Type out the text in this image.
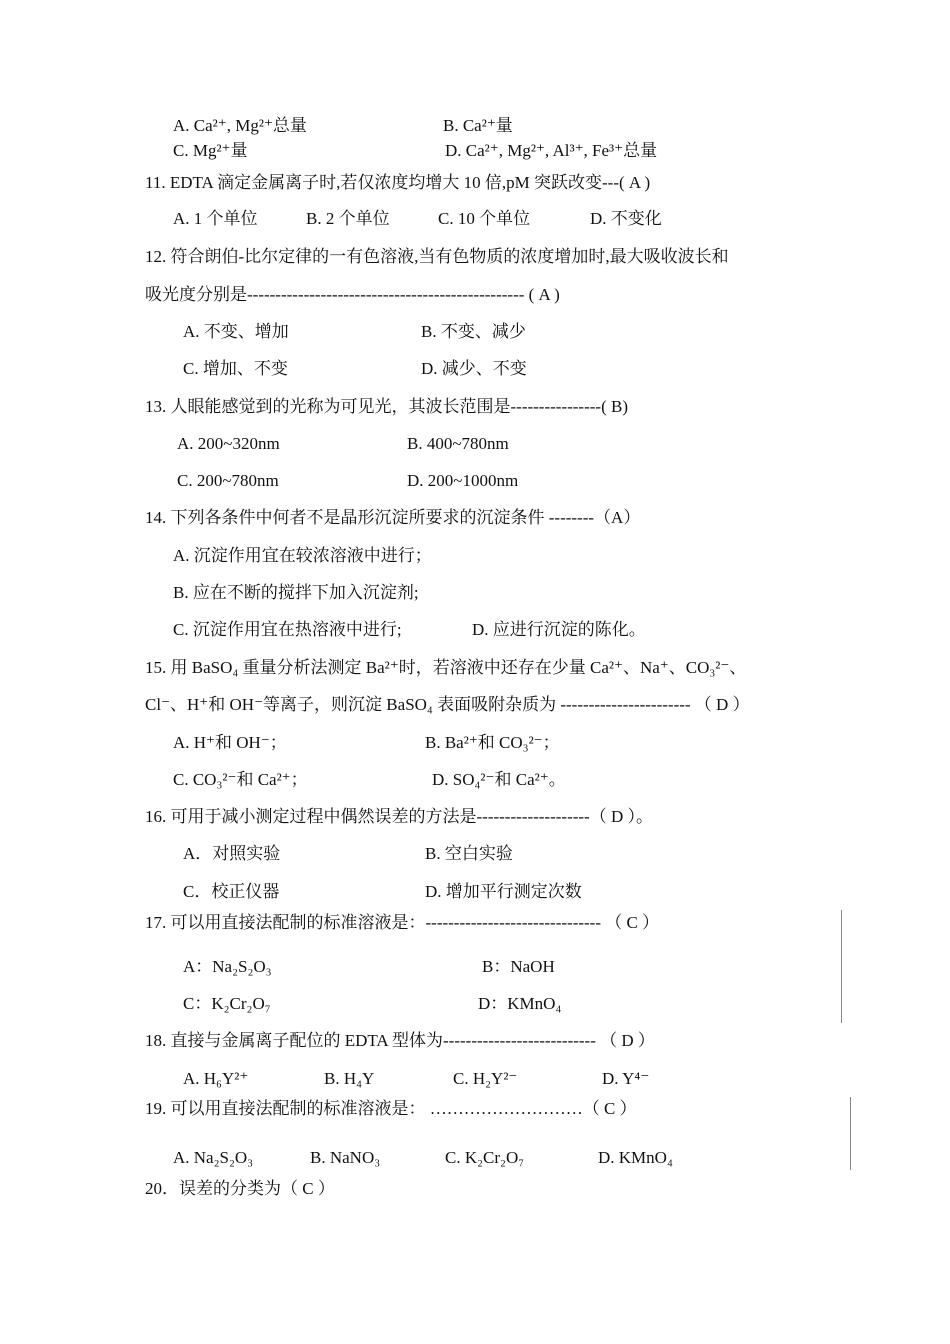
A. Ca²⁺, Mg²⁺总量	B. Ca²⁺量
C. Mg²⁺量	D. Ca²⁺, Mg²⁺, Al³⁺, Fe³⁺总量
11. EDTA 滴定金属离子时,若仅浓度均增大 10 倍,pM 突跃改变---( A )
A. 1 个单位	B. 2 个单位	C. 10 个单位	D. 不变化
12. 符合朗伯-比尔定律的一有色溶液,当有色物质的浓度增加时,最大吸收波长和
吸光度分别是------------------------------------------------- ( A )
A. 不变、增加	B. 不变、减少
C. 增加、不变	D. 减少、不变
13. 人眼能感觉到的光称为可见光，其波长范围是----------------( B)
A. 200~320nm	B. 400~780nm
C. 200~780nm	D. 200~1000nm
14. 下列各条件中何者不是晶形沉淀所要求的沉淀条件 --------（A）
A. 沉淀作用宜在较浓溶液中进行；
B. 应在不断的搅拌下加入沉淀剂;
C. 沉淀作用宜在热溶液中进行;	D. 应进行沉淀的陈化。
15. 用 BaSO₄ 重量分析法测定 Ba²⁺时，若溶液中还存在少量 Ca²⁺、Na⁺、CO₃²⁻、
Cl⁻、H⁺和 OH⁻等离子，则沉淀 BaSO₄ 表面吸附杂质为 ----------------------- （ D ）
A. H⁺和 OH⁻；	B. Ba²⁺和 CO₃²⁻；
C. CO₃²⁻和 Ca²⁺；	D. SO₄²⁻和 Ca²⁺。
16. 可用于减小测定过程中偶然误差的方法是--------------------（ D ）。
A．对照实验	B. 空白实验
C．校正仪器	D. 增加平行测定次数
17. 可以用直接法配制的标准溶液是：------------------------------- （ C ）
A：Na₂S₂O₃	B：NaOH
C：K₂Cr₂O₇	D：KMnO₄
18. 直接与金属离子配位的 EDTA 型体为--------------------------- （ D ）
A. H₆Y²⁺	B. H₄Y	C. H₂Y²⁻	D. Y⁴⁻
19. 可以用直接法配制的标准溶液是： ………………………（ C ）
A. Na₂S₂O₃	B. NaNO₃	C. K₂Cr₂O₇	D. KMnO₄
20．误差的分类为（ C ）
